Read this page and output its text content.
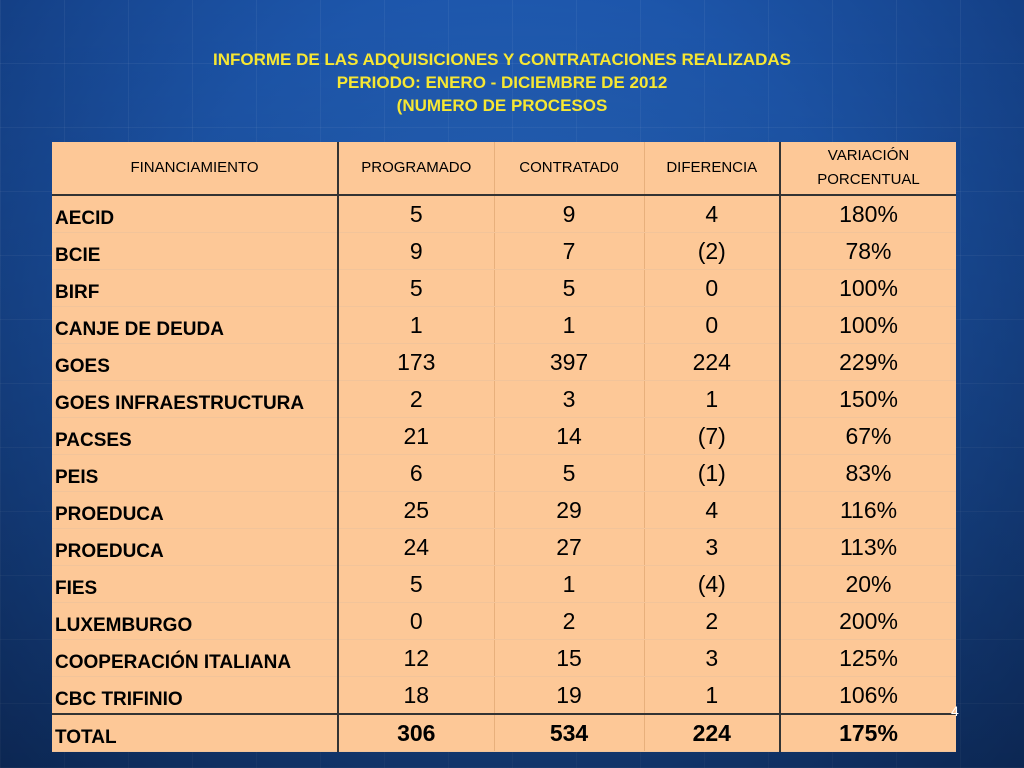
INFORME DE LAS ADQUISICIONES Y CONTRATACIONES REALIZADAS
PERIODO: ENERO - DICIEMBRE DE 2012
(NUMERO DE PROCESOS
FINANCIAMIENTO	PROGRAMADO	CONTRATAD0	DIFERENCIA	VARIACIÓN PORCENTUAL
AECID	5	9	4	180%
BCIE	9	7	(2)	78%
BIRF	5	5	0	100%
CANJE DE DEUDA	1	1	0	100%
GOES	173	397	224	229%
GOES INFRAESTRUCTURA	2	3	1	150%
PACSES	21	14	(7)	67%
PEIS	6	5	(1)	83%
PROEDUCA	25	29	4	116%
PROEDUCA	24	27	3	113%
FIES	5	1	(4)	20%
LUXEMBURGO	0	2	2	200%
COOPERACIÓN ITALIANA	12	15	3	125%
CBC TRIFINIO	18	19	1	106%
TOTAL	306	534	224	175%
4
